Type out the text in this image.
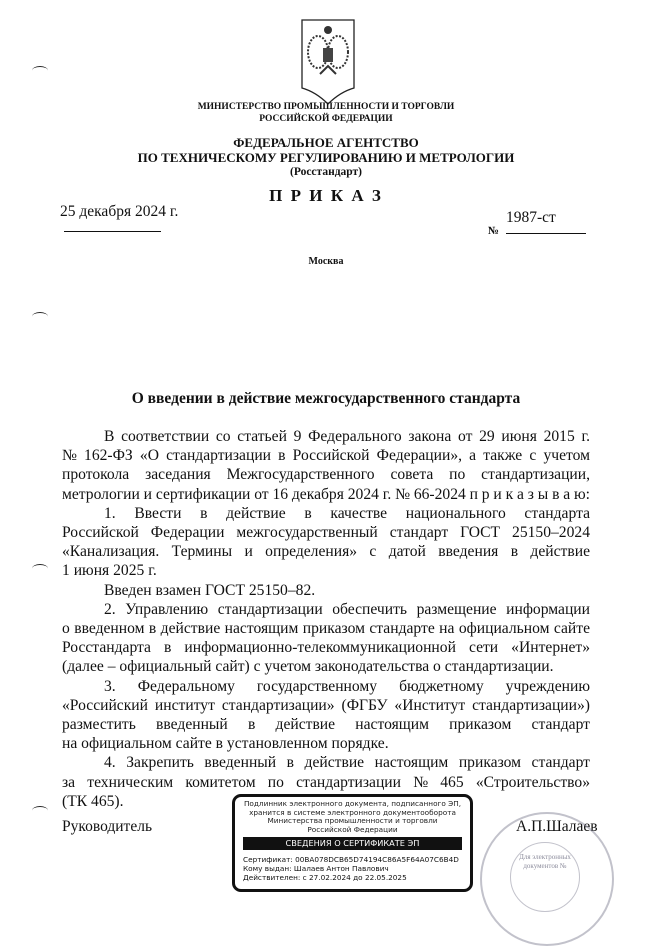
МИНИСТЕРСТВО ПРОМЫШЛЕННОСТИ И ТОРГОВЛИ
РОССИЙСКОЙ ФЕДЕРАЦИИ
ФЕДЕРАЛЬНОЕ АГЕНТСТВО
ПО ТЕХНИЧЕСКОМУ РЕГУЛИРОВАНИЮ И МЕТРОЛОГИИ
(Росстандарт)
П Р И К А З
25 декабря 2024 г.
№
1987-ст
Москва
О введении в действие межгосударственного стандарта
В соответствии со статьей 9 Федерального закона от 29 июня 2015 г.
№ 162-ФЗ «О стандартизации в Российской Федерации», а также с учетом
протокола заседания Межгосударственного совета по стандартизации,
метрологии и сертификации от 16 декабря 2024 г. № 66-2024 п р и к а з ы в а ю:
1. Ввести в действие в качестве национального стандарта
Российской Федерации межгосударственный стандарт ГОСТ 25150–2024
«Канализация. Термины и определения» с датой введения в действие
1 июня 2025 г.
Введен взамен ГОСТ 25150–82.
2. Управлению стандартизации обеспечить размещение информации
о введенном в действие настоящим приказом стандарте на официальном сайте
Росстандарта в информационно-телекоммуникационной сети «Интернет»
(далее – официальный сайт) с учетом законодательства о стандартизации.
3. Федеральному государственному бюджетному учреждению
«Российский институт стандартизации» (ФГБУ «Институт стандартизации»)
разместить введенный в действие настоящим приказом стандарт
на официальном сайте в установленном порядке.
4. Закрепить введенный в действие настоящим приказом стандарт
за техническим комитетом по стандартизации № 465 «Строительство»
(ТК 465).	Подлинник электронного документа, подписанного ЭП,
хранится в системе электронного документооборота
Министерства промышленности и торговли
Российской Федерации
СВЕДЕНИЯ О СЕРТИФИКАТЕ ЭП
Сертификат: 00BA078DCB65D74194C86A5F64A07C6B4D
Кому выдан: Шалаев Антон Павлович
Действителен: с 27.02.2024 до 22.05.2025
Руководитель	А.П.Шалаев
Для электронных документов №
